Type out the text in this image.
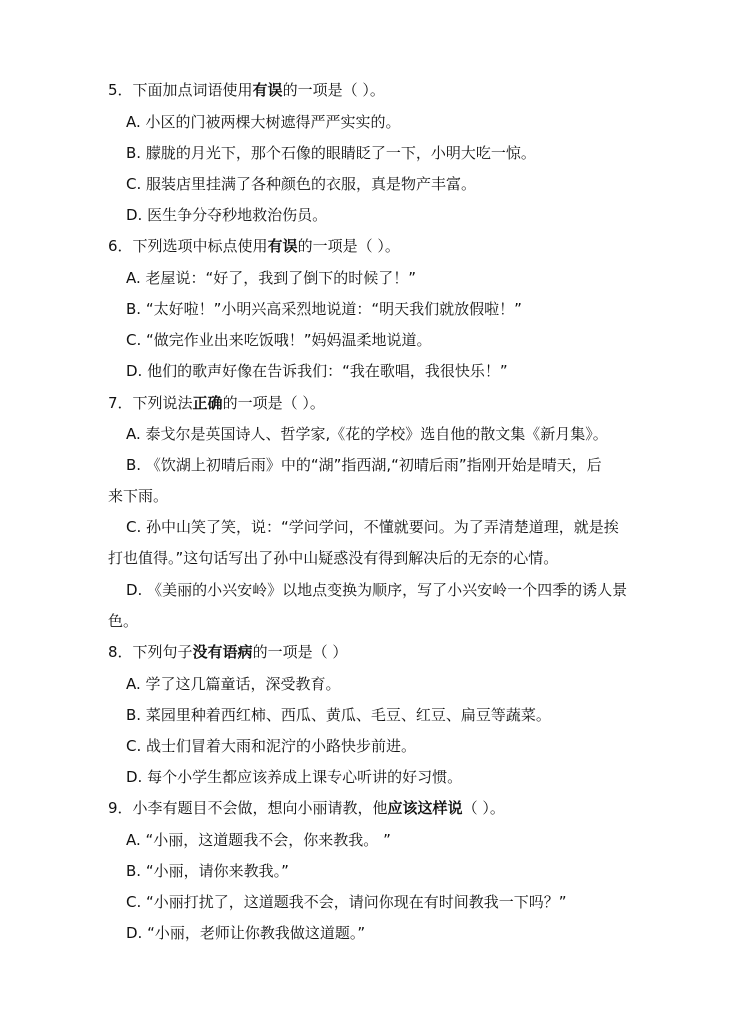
5．下面加点词语使用有误的一项是（ ）。
A. 小区的门被两棵大树遮得严严实实的。
B. 朦胧的月光下，那个石像的眼睛眨了一下，小明大吃一惊。
C. 服装店里挂满了各种颜色的衣服，真是物产丰富。
D. 医生争分夺秒地救治伤员。
6．下列选项中标点使用有误的一项是（ ）。
A. 老屋说：“好了，我到了倒下的时候了！”
B. “太好啦！”小明兴高采烈地说道：“明天我们就放假啦！”
C. “做完作业出来吃饭哦！”妈妈温柔地说道。
D. 他们的歌声好像在告诉我们：“我在歌唱，我很快乐！”
7．下列说法正确的一项是（ ）。
A. 泰戈尔是英国诗人、哲学家,《花的学校》选自他的散文集《新月集》。
B. 《饮湖上初晴后雨》中的“湖”指西湖,“初晴后雨”指刚开始是晴天，后
来下雨。
C. 孙中山笑了笑，说：“学问学问，不懂就要问。为了弄清楚道理，就是挨
打也值得。”这句话写出了孙中山疑惑没有得到解决后的无奈的心情。
D. 《美丽的小兴安岭》以地点变换为顺序，写了小兴安岭一个四季的诱人景
色。
8．下列句子没有语病的一项是（ ）
A. 学了这几篇童话，深受教育。
B. 菜园里种着西红柿、西瓜、黄瓜、毛豆、红豆、扁豆等蔬菜。
C. 战士们冒着大雨和泥泞的小路快步前进。
D. 每个小学生都应该养成上课专心听讲的好习惯。
9．小李有题目不会做，想向小丽请教，他应该这样说（ ）。
A. “小丽，这道题我不会，你来教我。 ”
B. “小丽，请你来教我。”
C. “小丽打扰了，这道题我不会，请问你现在有时间教我一下吗？”
D. “小丽，老师让你教我做这道题。”
